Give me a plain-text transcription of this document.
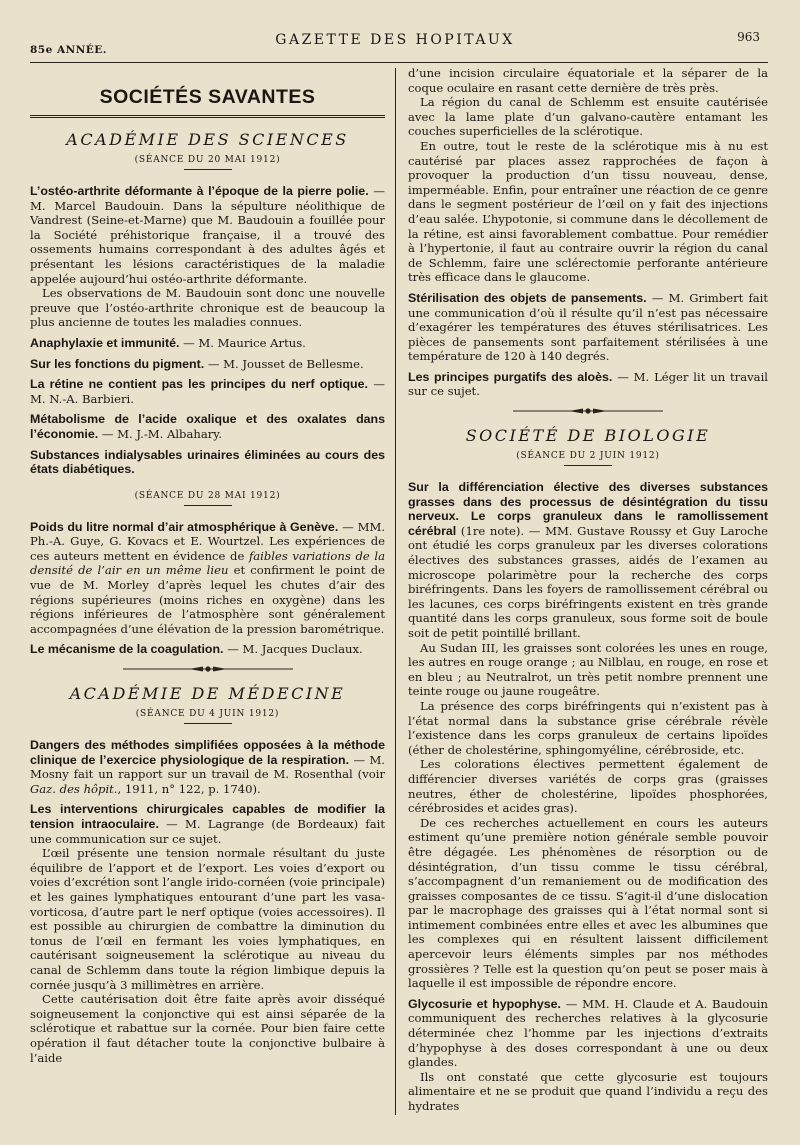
85e ANNÉE.
GAZETTE DES HOPITAUX	963
SOCIÉTÉS SAVANTES
ACADÉMIE DES SCIENCES
(SÉANCE DU 20 MAI 1912)

L’ostéo-arthrite déformante à l’époque de la pierre polie. — M. Marcel Baudouin. Dans la sépulture néolithique de Vandrest (Seine-et-Marne) que M. Baudouin a fouillée pour la Société préhistorique française, il a trouvé des ossements humains correspondant à des adultes âgés et présentant les lésions caractéristiques de la maladie appelée aujourd’hui ostéo-arthrite déformante.

Les observations de M. Baudouin sont donc une nouvelle preuve que l’ostéo-arthrite chronique est de beaucoup la plus ancienne de toutes les maladies connues.

Anaphylaxie et immunité. — M. Maurice Artus.

Sur les fonctions du pigment. — M. Jousset de Bellesme.

La rétine ne contient pas les principes du nerf optique. — M. N.-A. Barbieri.

Métabolisme de l’acide oxalique et des oxalates dans l’économie. — M. J.-M. Albahary.

Substances indialysables urinaires éliminées au cours des états diabétiques.

(SÉANCE DU 28 MAI 1912)

Poids du litre normal d’air atmosphérique à Genève. — MM. Ph.-A. Guye, G. Kovacs et E. Wourtzel. Les expériences de ces auteurs mettent en évidence de faibles variations de la densité de l’air en un même lieu et confirment le point de vue de M. Morley d’après lequel les chutes d’air des régions supérieures (moins riches en oxygène) dans les régions inférieures de l’atmosphère sont généralement accompagnées d’une élévation de la pression barométrique.

Le mécanisme de la coagulation. — M. Jacques Duclaux.

ACADÉMIE DE MÉDECINE
(SÉANCE DU 4 JUIN 1912)

Dangers des méthodes simplifiées opposées à la méthode clinique de l’exercice physiologique de la respiration. — M. Mosny fait un rapport sur un travail de M. Rosenthal (voir Gaz. des hôpit., 1911, n° 122, p. 1740).

Les interventions chirurgicales capables de modifier la tension intraoculaire. — M. Lagrange (de Bordeaux) fait une communication sur ce sujet.

L’œil présente une tension normale résultant du juste équilibre de l’apport et de l’export. Les voies d’export ou voies d’excrétion sont l’angle irido-cornéen (voie principale) et les gaines lymphatiques entourant d’une part les vasa-vorticosa, d’autre part le nerf optique (voies accessoires). Il est possible au chirurgien de combattre la diminution du tonus de l’œil en fermant les voies lymphatiques, en cautérisant soigneusement la sclérotique au niveau du canal de Schlemm dans toute la région limbique depuis la cornée jusqu’à 3 millimètres en arrière.

Cette cautérisation doit être faite après avoir disséqué soigneusement la conjonctive qui est ainsi séparée de la sclérotique et rabattue sur la cornée. Pour bien faire cette opération il faut détacher toute la conjonctive bulbaire à l’aide

d’une incision circulaire équatoriale et la séparer de la coque oculaire en rasant cette dernière de très près.

La région du canal de Schlemm est ensuite cautérisée avec la lame plate d’un galvano-cautère entamant les couches superficielles de la sclérotique.

En outre, tout le reste de la sclérotique mis à nu est cautérisé par places assez rapprochées de façon à provoquer la production d’un tissu nouveau, dense, imperméable. Enfin, pour entraîner une réaction de ce genre dans le segment postérieur de l’œil on y fait des injections d’eau salée. L’hypotonie, si commune dans le décollement de la rétine, est ainsi favorablement combattue. Pour remédier à l’hypertonie, il faut au contraire ouvrir la région du canal de Schlemm, faire une sclérectomie perforante antérieure très efficace dans le glaucome.

Stérilisation des objets de pansements. — M. Grimbert fait une communication d’où il résulte qu’il n’est pas nécessaire d’exagérer les températures des étuves stérilisatrices. Les pièces de pansements sont parfaitement stérilisées à une température de 120 à 140 degrés.

Les principes purgatifs des aloès. — M. Léger lit un travail sur ce sujet.

SOCIÉTÉ DE BIOLOGIE
(SÉANCE DU 2 JUIN 1912)

Sur la différenciation élective des diverses substances grasses dans des processus de désintégration du tissu nerveux. Le corps granuleux dans le ramollissement cérébral (1re note). — MM. Gustave Roussy et Guy Laroche ont étudié les corps granuleux par les diverses colorations électives des substances grasses, aidés de l’examen au microscope polarimètre pour la recherche des corps biréfringents. Dans les foyers de ramollissement cérébral ou les lacunes, ces corps biréfringents existent en très grande quantité dans les corps granuleux, sous forme soit de boule soit de petit pointillé brillant.

Au Sudan III, les graisses sont colorées les unes en rouge, les autres en rouge orange ; au Nilblau, en rouge, en rose et en bleu ; au Neutralrot, un très petit nombre prennent une teinte rouge ou jaune rougeâtre.

La présence des corps biréfringents qui n’existent pas à l’état normal dans la substance grise cérébrale révèle l’existence dans les corps granuleux de certains lipoïdes (éther de cholestérine, sphingomyéline, cérébroside, etc.

Les colorations électives permettent également de différencier diverses variétés de corps gras (graisses neutres, éther de cholestérine, lipoïdes phosphorées, cérébrosides et acides gras).

De ces recherches actuellement en cours les auteurs estiment qu’une première notion générale semble pouvoir être dégagée. Les phénomènes de résorption ou de désintégration, d’un tissu comme le tissu cérébral, s’accompagnent d’un remaniement ou de modification des graisses composantes de ce tissu. S’agit-il d’une dislocation par le macrophage des graisses qui à l’état normal sont si intimement combinées entre elles et avec les albumines que les complexes qui en résultent laissent difficilement apercevoir leurs éléments simples par nos méthodes grossières ? Telle est la question qu’on peut se poser mais à laquelle il est impossible de répondre encore.

Glycosurie et hypophyse. — MM. H. Claude et A. Baudouin communiquent des recherches relatives à la glycosurie déterminée chez l’homme par les injections d’extraits d’hypophyse à des doses correspondant à une ou deux glandes.

Ils ont constaté que cette glycosurie est toujours alimentaire et ne se produit que quand l’individu a reçu des hydrates
